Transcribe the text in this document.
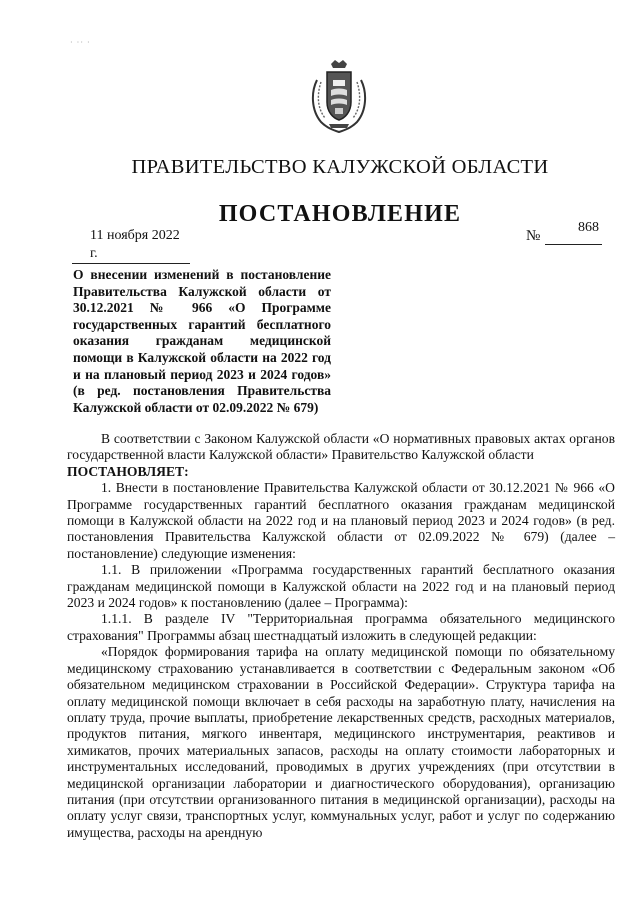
· ·· ·
ПРАВИТЕЛЬСТВО КАЛУЖСКОЙ ОБЛАСТИ
ПОСТАНОВЛЕНИЕ
11 ноября 2022 г.
№
868
О внесении изменений в постановление Правительства Калужской области от 30.12.2021 № 966 «О Программе государственных гарантий бесплатного оказания гражданам медицинской помощи в Калужской области на 2022 год и на плановый период 2023 и 2024 годов» (в ред. постановления Правительства Калужской области от 02.09.2022 № 679)

В соответствии с Законом Калужской области «О нормативных правовых актах органов государственной власти Калужской области» Правительство Калужской области

ПОСТАНОВЛЯЕТ:

1. Внести в постановление Правительства Калужской области от 30.12.2021 № 966 «О Программе государственных гарантий бесплатного оказания гражданам медицинской помощи в Калужской области на 2022 год и на плановый период 2023 и 2024 годов» (в ред. постановления Правительства Калужской области от 02.09.2022 № 679) (далее – постановление) следующие изменения:

1.1. В приложении «Программа государственных гарантий бесплатного оказания гражданам медицинской помощи в Калужской области на 2022 год и на плановый период 2023 и 2024 годов» к постановлению (далее – Программа):

1.1.1. В разделе IV "Территориальная программа обязательного медицинского страхования" Программы абзац шестнадцатый изложить в следующей редакции:

«Порядок формирования тарифа на оплату медицинской помощи по обязательному медицинскому страхованию устанавливается в соответствии с Федеральным законом «Об обязательном медицинском страховании в Российской Федерации». Структура тарифа на оплату медицинской помощи включает в себя расходы на заработную плату, начисления на оплату труда, прочие выплаты, приобретение лекарственных средств, расходных материалов, продуктов питания, мягкого инвентаря, медицинского инструментария, реактивов и химикатов, прочих материальных запасов, расходы на оплату стоимости лабораторных и инструментальных исследований, проводимых в других учреждениях (при отсутствии в медицинской организации лаборатории и диагностического оборудования), организацию питания (при отсутствии организованного питания в медицинской организации), расходы на оплату услуг связи, транспортных услуг, коммунальных услуг, работ и услуг по содержанию имущества, расходы на арендную
